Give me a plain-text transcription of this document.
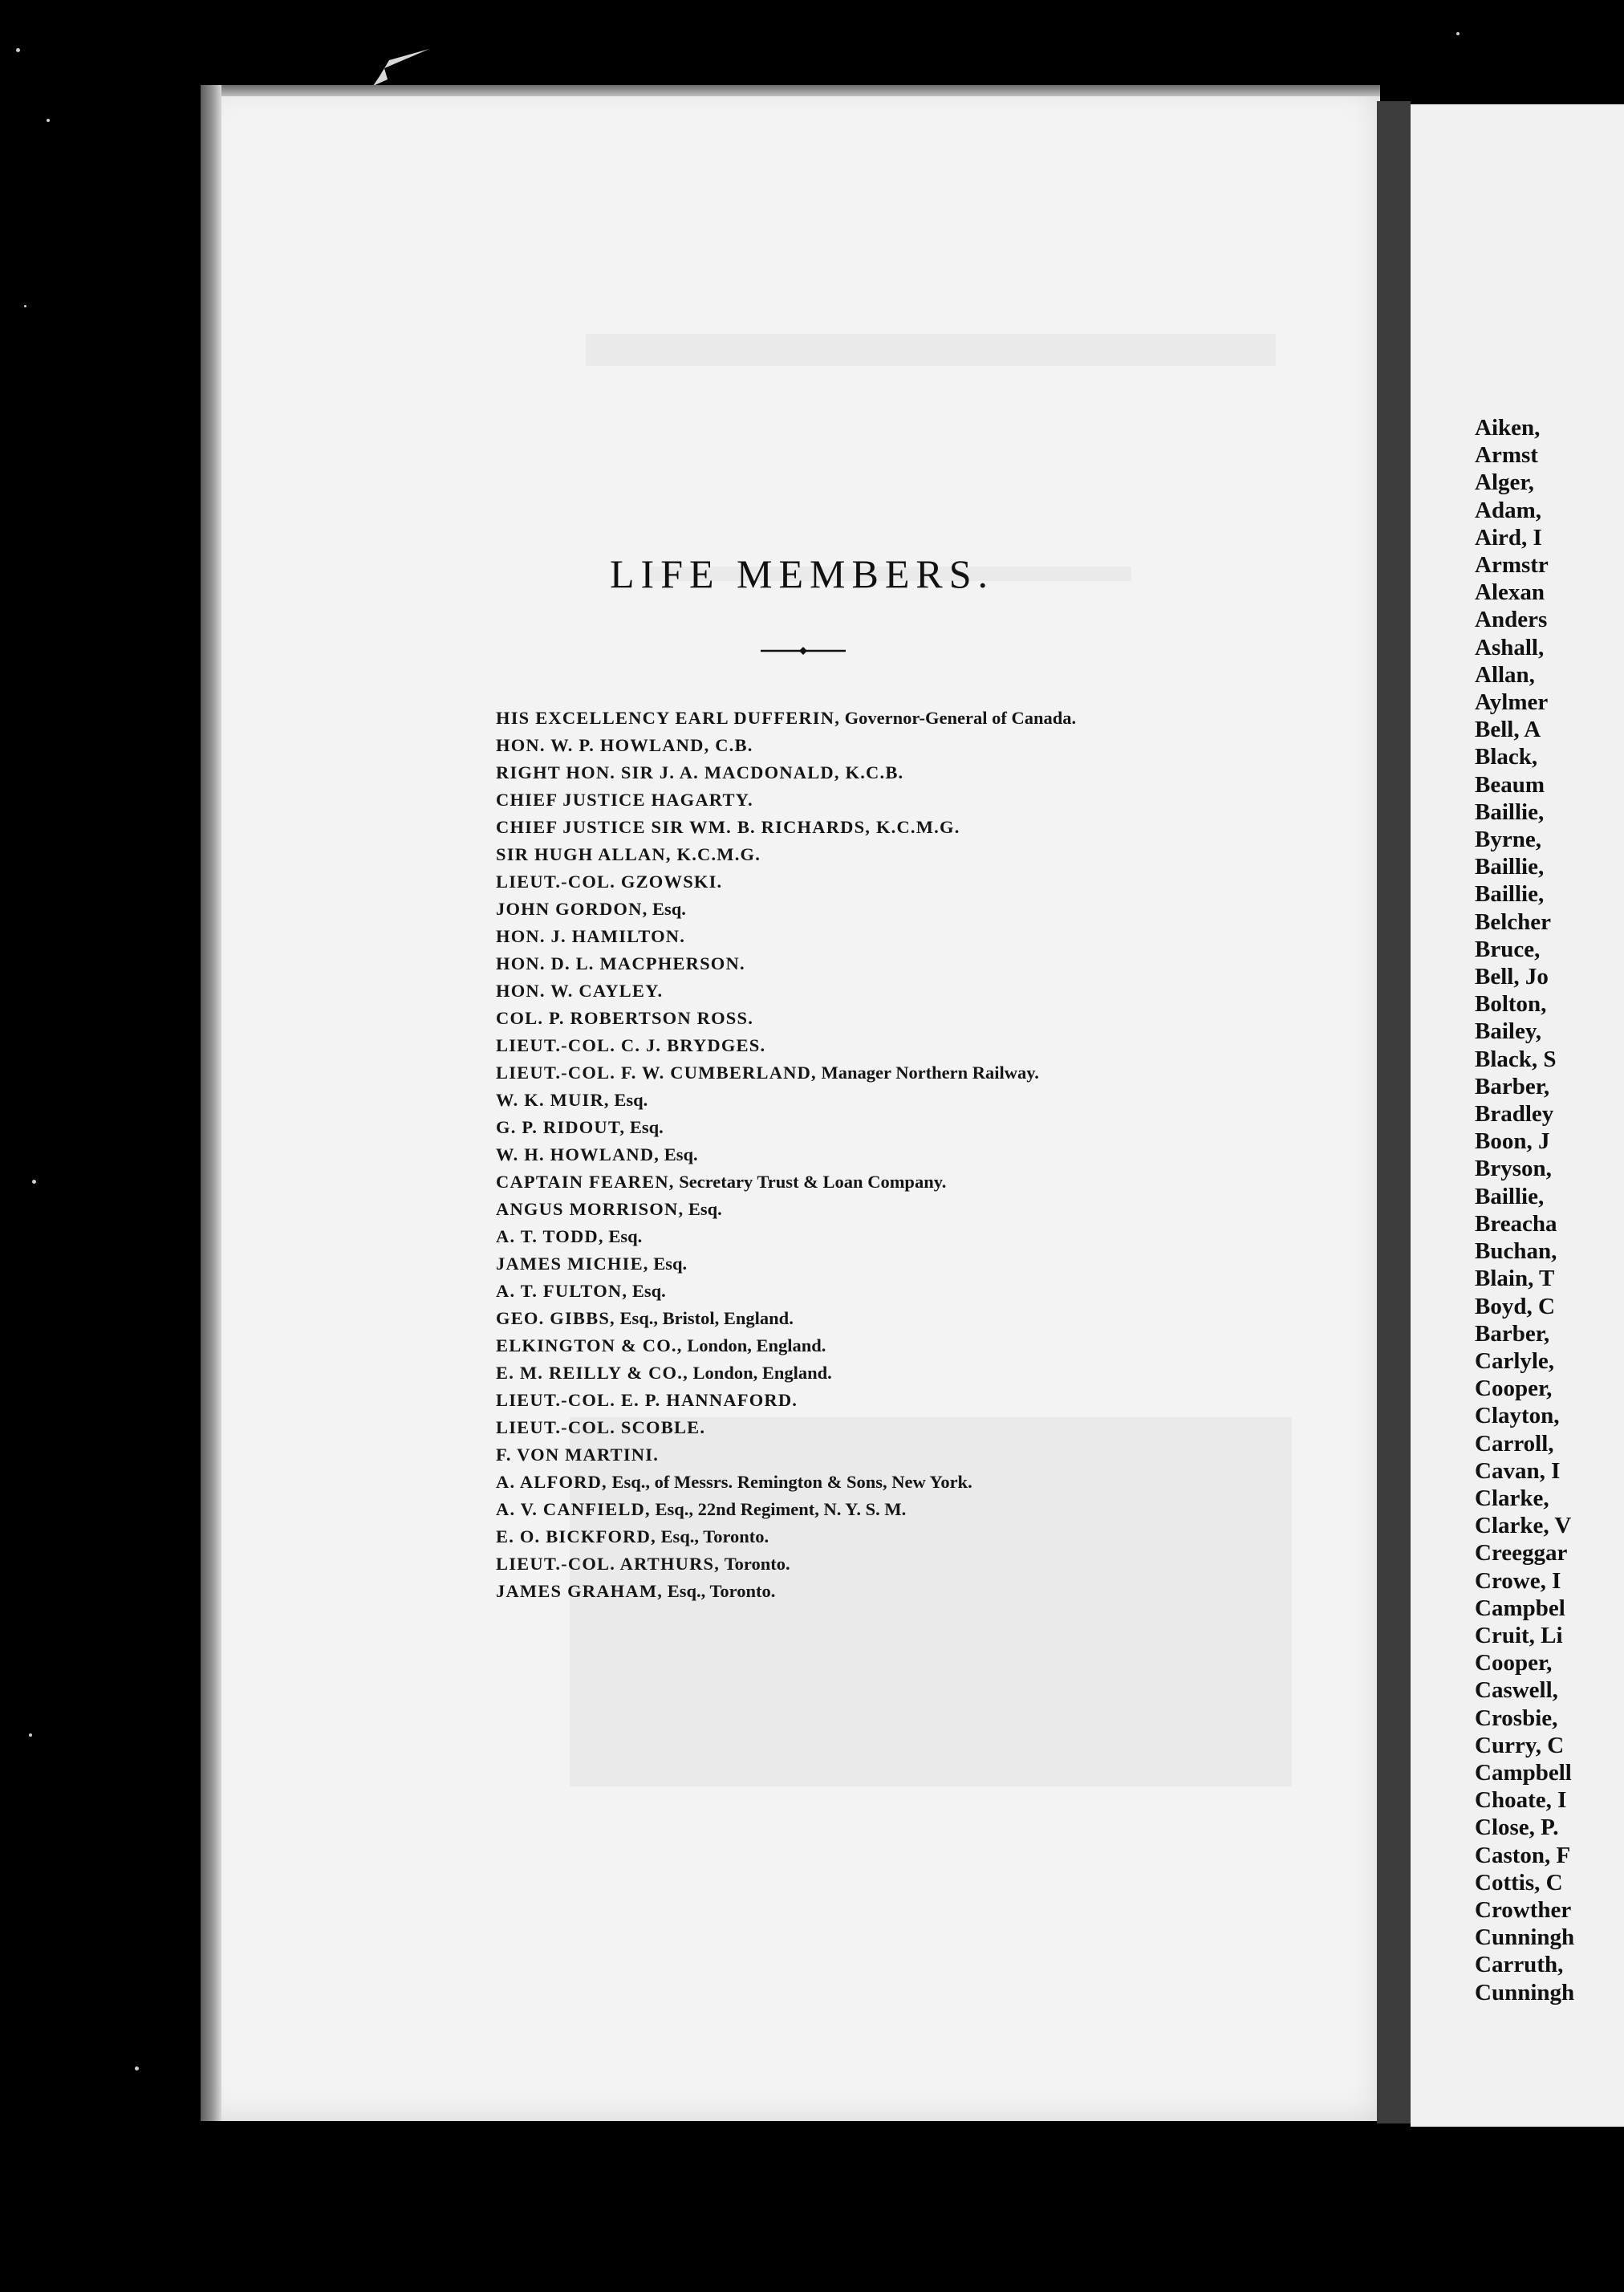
LIFE MEMBERS.
HIS EXCELLENCY EARL DUFFERIN, Governor-General of Canada.
HON. W. P. HOWLAND, C.B.
RIGHT HON. SIR J. A. MACDONALD, K.C.B.
CHIEF JUSTICE HAGARTY.
CHIEF JUSTICE SIR WM. B. RICHARDS, K.C.M.G.
SIR HUGH ALLAN, K.C.M.G.
LIEUT.-COL. GZOWSKI.
JOHN GORDON, Esq.
HON. J. HAMILTON.
HON. D. L. MACPHERSON.
HON. W. CAYLEY.
COL. P. ROBERTSON ROSS.
LIEUT.-COL. C. J. BRYDGES.
LIEUT.-COL. F. W. CUMBERLAND, Manager Northern Railway.
W. K. MUIR, Esq.
G. P. RIDOUT, Esq.
W. H. HOWLAND, Esq.
CAPTAIN FEAREN, Secretary Trust & Loan Company.
ANGUS MORRISON, Esq.
A. T. TODD, Esq.
JAMES MICHIE, Esq.
A. T. FULTON, Esq.
GEO. GIBBS, Esq., Bristol, England.
ELKINGTON & CO., London, England.
E. M. REILLY & CO., London, England.
LIEUT.-COL. E. P. HANNAFORD.
LIEUT.-COL. SCOBLE.
F. VON MARTINI.
A. ALFORD, Esq., of Messrs. Remington & Sons, New York.
A. V. CANFIELD, Esq., 22nd Regiment, N. Y. S. M.
E. O. BICKFORD, Esq., Toronto.
LIEUT.-COL. ARTHURS, Toronto.
JAMES GRAHAM, Esq., Toronto.
Aiken,
Armst
Alger,
Adam,
Aird, I
Armstr
Alexan
Anders
Ashall,
Allan,
Aylmer
Bell, A
Black,
Beaum
Baillie,
Byrne,
Baillie,
Baillie,
Belcher
Bruce,
Bell, Jo
Bolton,
Bailey,
Black, S
Barber,
Bradley
Boon, J
Bryson,
Baillie,
Breacha
Buchan,
Blain, T
Boyd, C
Barber,
Carlyle,
Cooper,
Clayton,
Carroll,
Cavan, I
Clarke,
Clarke, V
Creeggar
Crowe, I
Campbel
Cruit, Li
Cooper,
Caswell,
Crosbie,
Curry, C
Campbell
Choate, I
Close, P.
Caston, F
Cottis, C
Crowther
Cunningh
Carruth,
Cunningh
